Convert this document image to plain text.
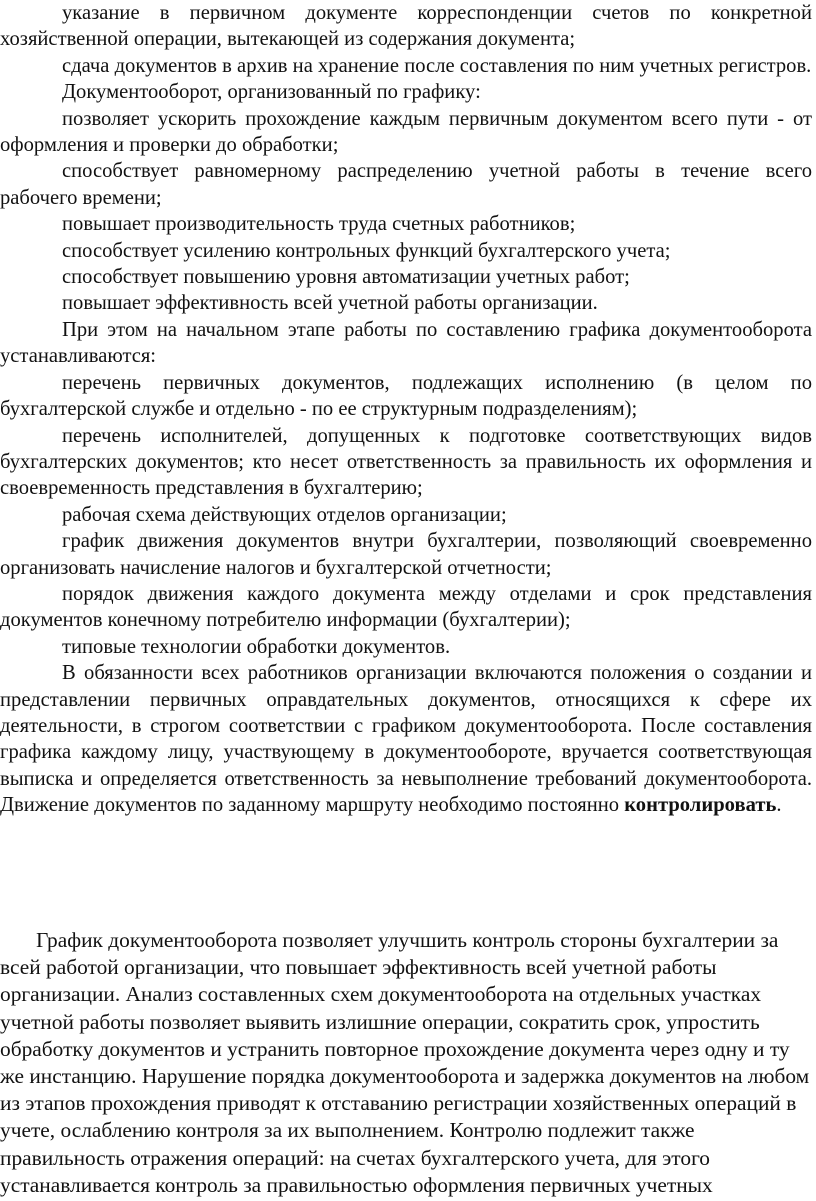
указание в первичном документе корреспонденции счетов по конкретной хозяйственной операции, вытекающей из содержания документа;

сдача документов в архив на хранение после составления по ним учетных регистров.

Документооборот, организованный по графику:

позволяет ускорить прохождение каждым первичным документом всего пути - от оформления и проверки до обработки;

способствует равномерному распределению учетной работы в течение всего рабочего времени;

повышает производительность труда счетных работников;

способствует усилению контрольных функций бухгалтерского учета;

способствует повышению уровня автоматизации учетных работ;

повышает эффективность всей учетной работы организации.

При этом на начальном этапе работы по составлению графика документооборота устанавливаются:

перечень первичных документов, подлежащих исполнению (в целом по бухгалтерской службе и отдельно - по ее структурным подразделениям);

перечень исполнителей, допущенных к подготовке соответствующих видов бухгалтерских документов; кто несет ответственность за правильность их оформления и своевременность представления в бухгалтерию;

рабочая схема действующих отделов организации;

график движения документов внутри бухгалтерии, позволяющий своевременно организовать начисление налогов и бухгалтерской отчетности;

порядок движения каждого документа между отделами и срок представления документов конечному потребителю информации (бухгалтерии);

типовые технологии обработки документов.

В обязанности всех работников организации включаются положения о создании и представлении первичных оправдательных документов, относящихся к сфере их деятельности, в строгом соответствии с графиком документооборота. После составления графика каждому лицу, участвующему в документообороте, вручается соответствующая выписка и определяется ответственность за невыполнение требований документооборота. Движение документов по заданному маршруту необходимо постоянно контролировать.

График документооборота позволяет улучшить контроль стороны бухгалтерии за всей работой организации, что повышает эффективность всей учетной работы организации. Анализ составленных схем документооборота на отдельных участках учетной работы позволяет выявить излишние операции, сократить срок, упростить обработку документов и устранить повторное прохождение документа через одну и ту же инстанцию. Нарушение порядка документооборота и задержка документов на любом из этапов прохождения приводят к отставанию регистрации хозяйственных операций в учете, ослаблению контроля за их выполнением. Контролю подлежит также правильность отражения операций: на счетах бухгалтерского учета, для этого устанавливается контроль за правильностью оформления первичных учетных
